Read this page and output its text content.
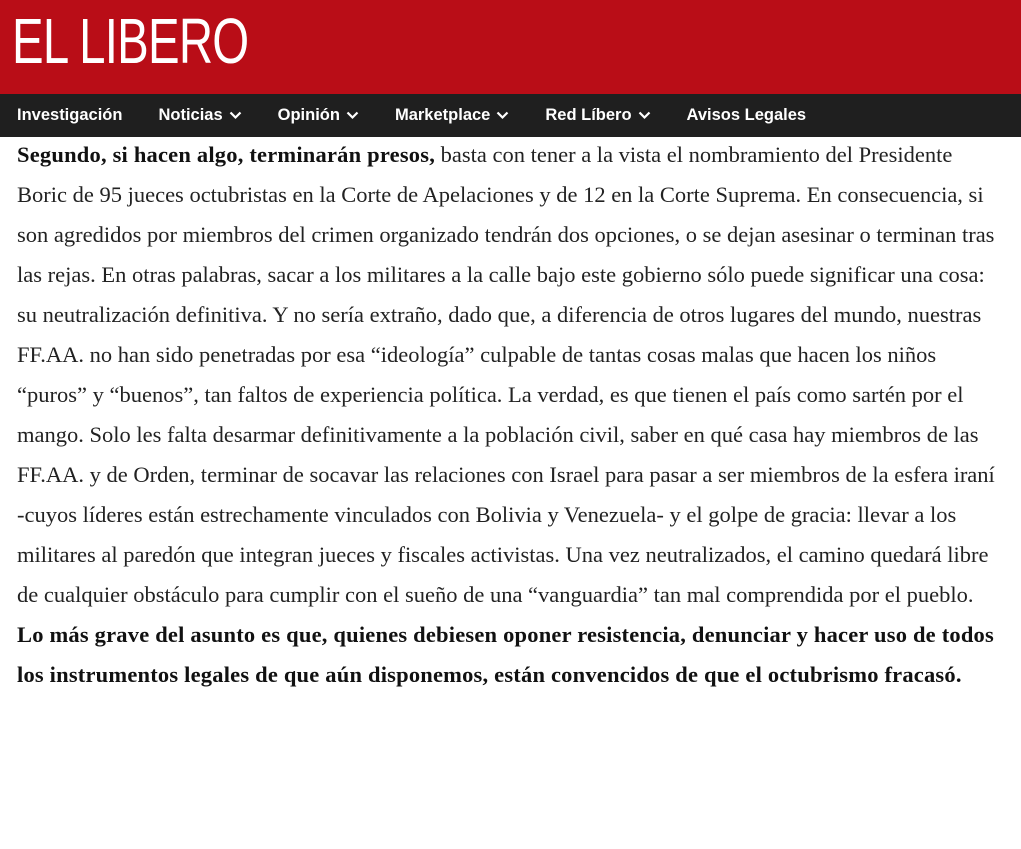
Segundo, si hacen algo, terminarán presos, basta con tener a la vista el nombramiento del Presidente Boric de 95 jueces octubristas en la Corte de Apelaciones y de 12 en la Corte Suprema. En consecuencia, si son agredidos por miembros del crimen organizado tendrán dos opciones, o se dejan asesinar o terminan tras las rejas. En otras palabras, sacar a los militares a la calle bajo este gobierno sólo puede significar una cosa: su neutralización definitiva. Y no sería extraño, dado que, a diferencia de otros lugares del mundo, nuestras FF.AA. no han sido penetradas por esa “ideología” culpable de tantas cosas malas que hacen los niños “puros” y “buenos”, tan faltos de experiencia política. La verdad, es que tienen el país como sartén por el mango. Solo les falta desarmar definitivamente a la población civil, saber en qué casa hay miembros de las FF.AA. y de Orden, terminar de socavar las relaciones con Israel para pasar a ser miembros de la esfera iraní -cuyos líderes están estrechamente vinculados con Bolivia y Venezuela- y el golpe de gracia: llevar a los militares al paredón que integran jueces y fiscales activistas. Una vez neutralizados, el camino quedará libre de cualquier obstáculo para cumplir con el sueño de una “vanguardia” tan mal comprendida por el pueblo. Lo más grave del asunto es que, quienes debiesen oponer resistencia, denunciar y hacer uso de todos los instrumentos legales de que aún disponemos, están convencidos de que el octubrismo fracasó.
EL LIBERO
Investigación Noticias	Opinión	Marketplace	Red Líbero	Avisos Legales
